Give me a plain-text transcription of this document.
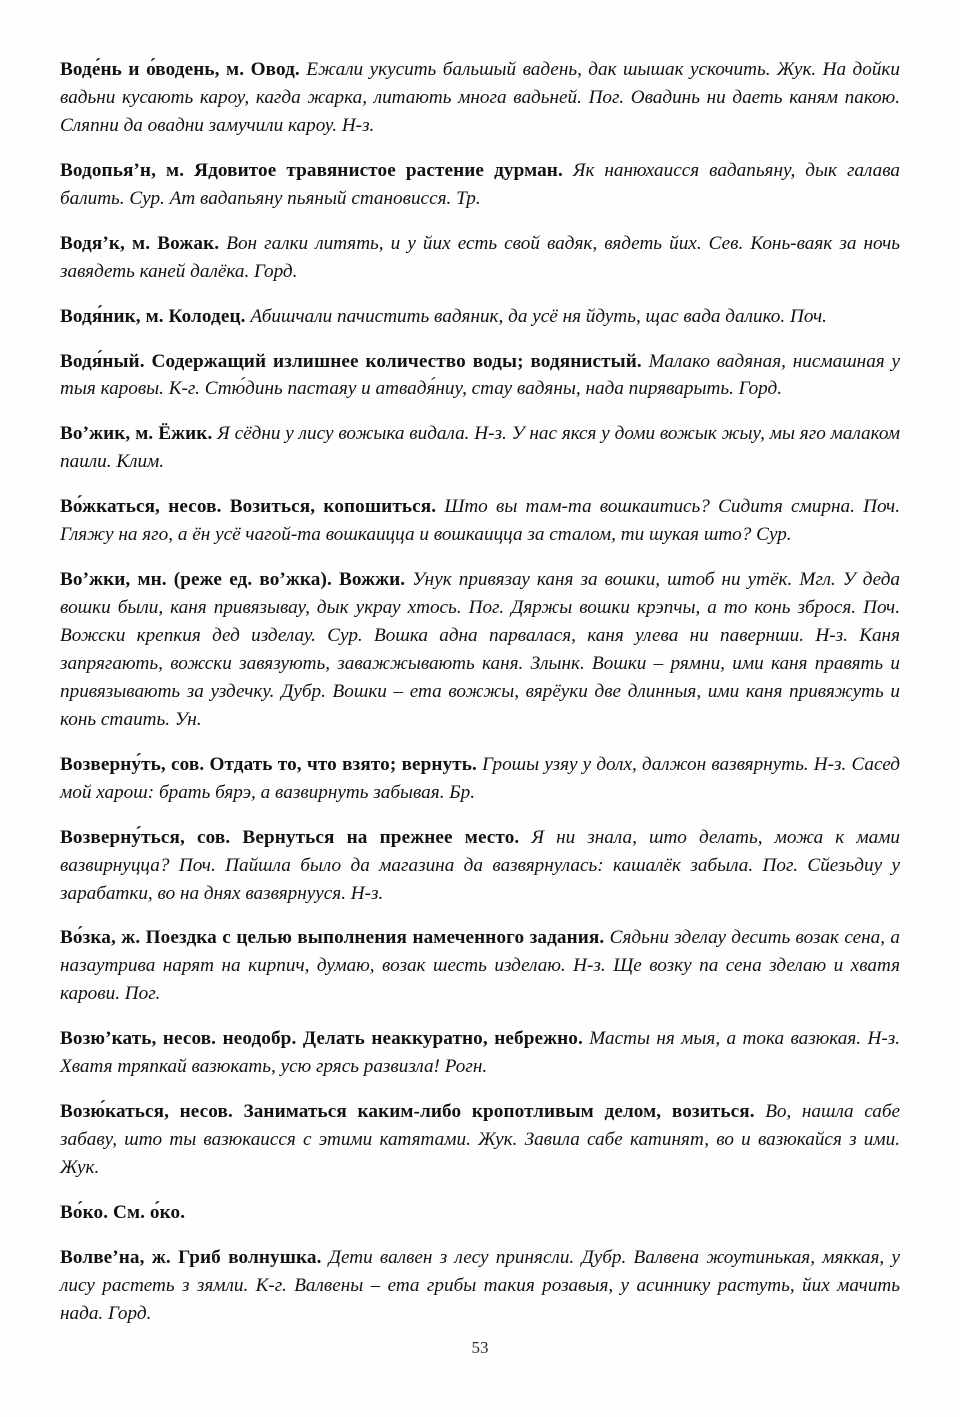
Воде́нь и о́водень, м. Овод. Ежали укусить бальшый вадень, дак шышак ускочить. Жук. На дойки вадьни кусають кароу, кагда жарка, литають многа вадьней. Пог. Овадинь ни даеть каням пакою. Сляпни да овадни замучили кароу. Н-з.

Водопья’н, м. Ядовитое травянистое растение дурман. Як нанюхаисся вадапьяну, дык галава балить. Сур. Ат вадапьяну пьяный становисся. Тр.

Водя’к, м. Вожак. Вон галки литять, и у йих есть свой вадяк, вядеть йих. Сев. Конь-ваяк за ночь завядеть каней далёка. Горд.

Водя́ник, м. Колодец. Абишчали пачистить вадяник, да усё ня йдуть, щас вада далико. Поч.

Водя́ный. Содержащий излишнее количество воды; водянистый. Малако вадяная, нисмашная у тыя каровы. К-г. Стю́динь пастаяу и атвадя́ниу, стау вадяны, нада пиряварыть. Горд.

Во’жик, м. Ёжик. Я сёдни у лису вожыка видала. Н-з. У нас якся у доми вожык жыу, мы яго малаком паили. Клим.

Во́жкаться, несов. Возиться, копошиться. Што вы там-та вошкаитись? Сидитя смирна. Поч. Гляжу на яго, а ён усё чагой-та вошкаицца и вошкаицца за сталом, ти шукая што? Сур.

Во’жки, мн. (реже ед. во’жка). Вожжи. Унук привязау каня за вошки, штоб ни утёк. Мгл. У деда вошки были, каня привязывау, дык украу хтось. Пог. Дяржы вошки крэпчы, а то конь зброся. Поч. Вожски крепкия дед изделау. Сур. Вошка адна парвалася, каня улева ни павернши. Н-з. Каня запрягають, вожски завязують, заважжывають каня. Злынк. Вошки – рямни, ими каня правять и привязывають за уздечку. Дубр. Вошки – ета вожжы, вярёуки две длинныя, ими каня привяжуть и конь стаить. Ун.

Возверну́ть, сов. Отдать то, что взято; вернуть. Грошы узяу у долх, далжон вазвярнуть. Н-з. Сасед мой харош: брать бярэ, а вазвирнуть забывая. Бр.

Возверну́ться, сов. Вернуться на прежнее место. Я ни знала, што делать, можа к мами вазвирнуцца? Поч. Пайшла было да магазина да вазвярнулась: кашалёк забыла. Пог. Сйезьдиу у зарабатки, во на днях вазвярнууся. Н-з.

Во́зка, ж. Поездка с целью выполнения намеченного задания. Сядьни зделау десить возак сена, а назаутрива нарят на кирпич, думаю, возак шесть изделаю. Н-з. Ще возку па сена зделаю и хватя карови. Пог.

Возю’кать, несов. неодобр. Делать неаккуратно, небрежно. Масты ня мыя, а тока вазюкая. Н-з. Хватя тряпкай вазюкать, усю грясь развизла! Рогн.

Возю́каться, несов. Заниматься каким-либо кропотливым делом, возиться. Во, нашла сабе забаву, што ты вазюкаисся с этими катятами. Жук. Завила сабе катинят, во и вазюкайся з ими. Жук.

Во́ко. См. о́ко.

Волве’на, ж. Гриб волнушка. Дети валвен з лесу принясли. Дубр. Валвена жоутинькая, мяккая, у лису растеть з зямли. К-г. Валвены – ета грибы такия розавыя, у асиннику растуть, йих мачить нада. Горд.

53
